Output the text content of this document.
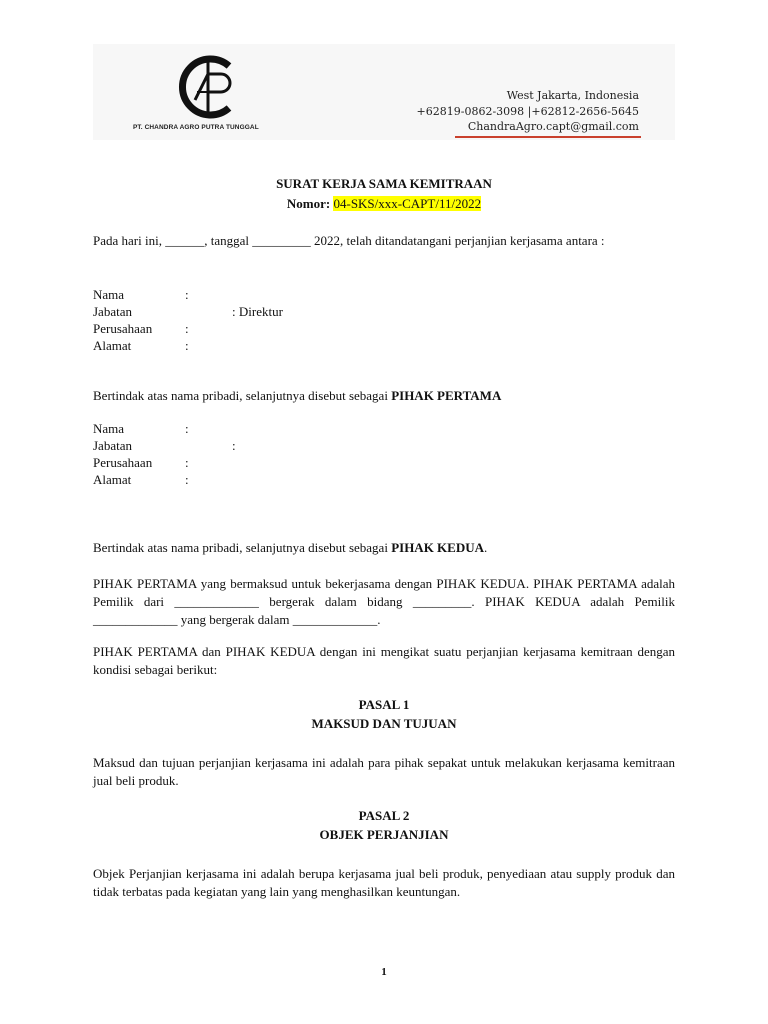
PT. CHANDRA AGRO PUTRA TUNGGAL
West Jakarta, Indonesia
+62819-0862-3098 |+62812-2656-5645
ChandraAgro.capt@gmail.com
SURAT KERJA SAMA KEMITRAAN
Nomor: 04-SKS/xxx-CAPT/11/2022
Pada hari ini, ______, tanggal _________ 2022, telah ditandatangani perjanjian kerjasama antara :
Nama	:
Jabatan	: Direktur
Perusahaan	:
Alamat	:
Bertindak atas nama pribadi, selanjutnya disebut sebagai PIHAK PERTAMA
Nama	:
Jabatan	:
Perusahaan	:
Alamat	:
Bertindak atas nama pribadi, selanjutnya disebut sebagai PIHAK KEDUA.
PIHAK PERTAMA yang bermaksud untuk bekerjasama dengan PIHAK KEDUA. PIHAK PERTAMA adalah Pemilik dari _____________ bergerak dalam bidang _________. PIHAK KEDUA adalah Pemilik _____________ yang bergerak dalam _____________.
PIHAK PERTAMA dan PIHAK KEDUA dengan ini mengikat suatu perjanjian kerjasama kemitraan dengan kondisi sebagai berikut:
PASAL 1
MAKSUD DAN TUJUAN
Maksud dan tujuan perjanjian kerjasama ini adalah para pihak sepakat untuk melakukan kerjasama kemitraan jual beli produk.
PASAL 2
OBJEK PERJANJIAN
Objek Perjanjian kerjasama ini adalah berupa kerjasama jual beli produk, penyediaan atau supply produk dan tidak terbatas pada kegiatan yang lain yang menghasilkan keuntungan.
1
